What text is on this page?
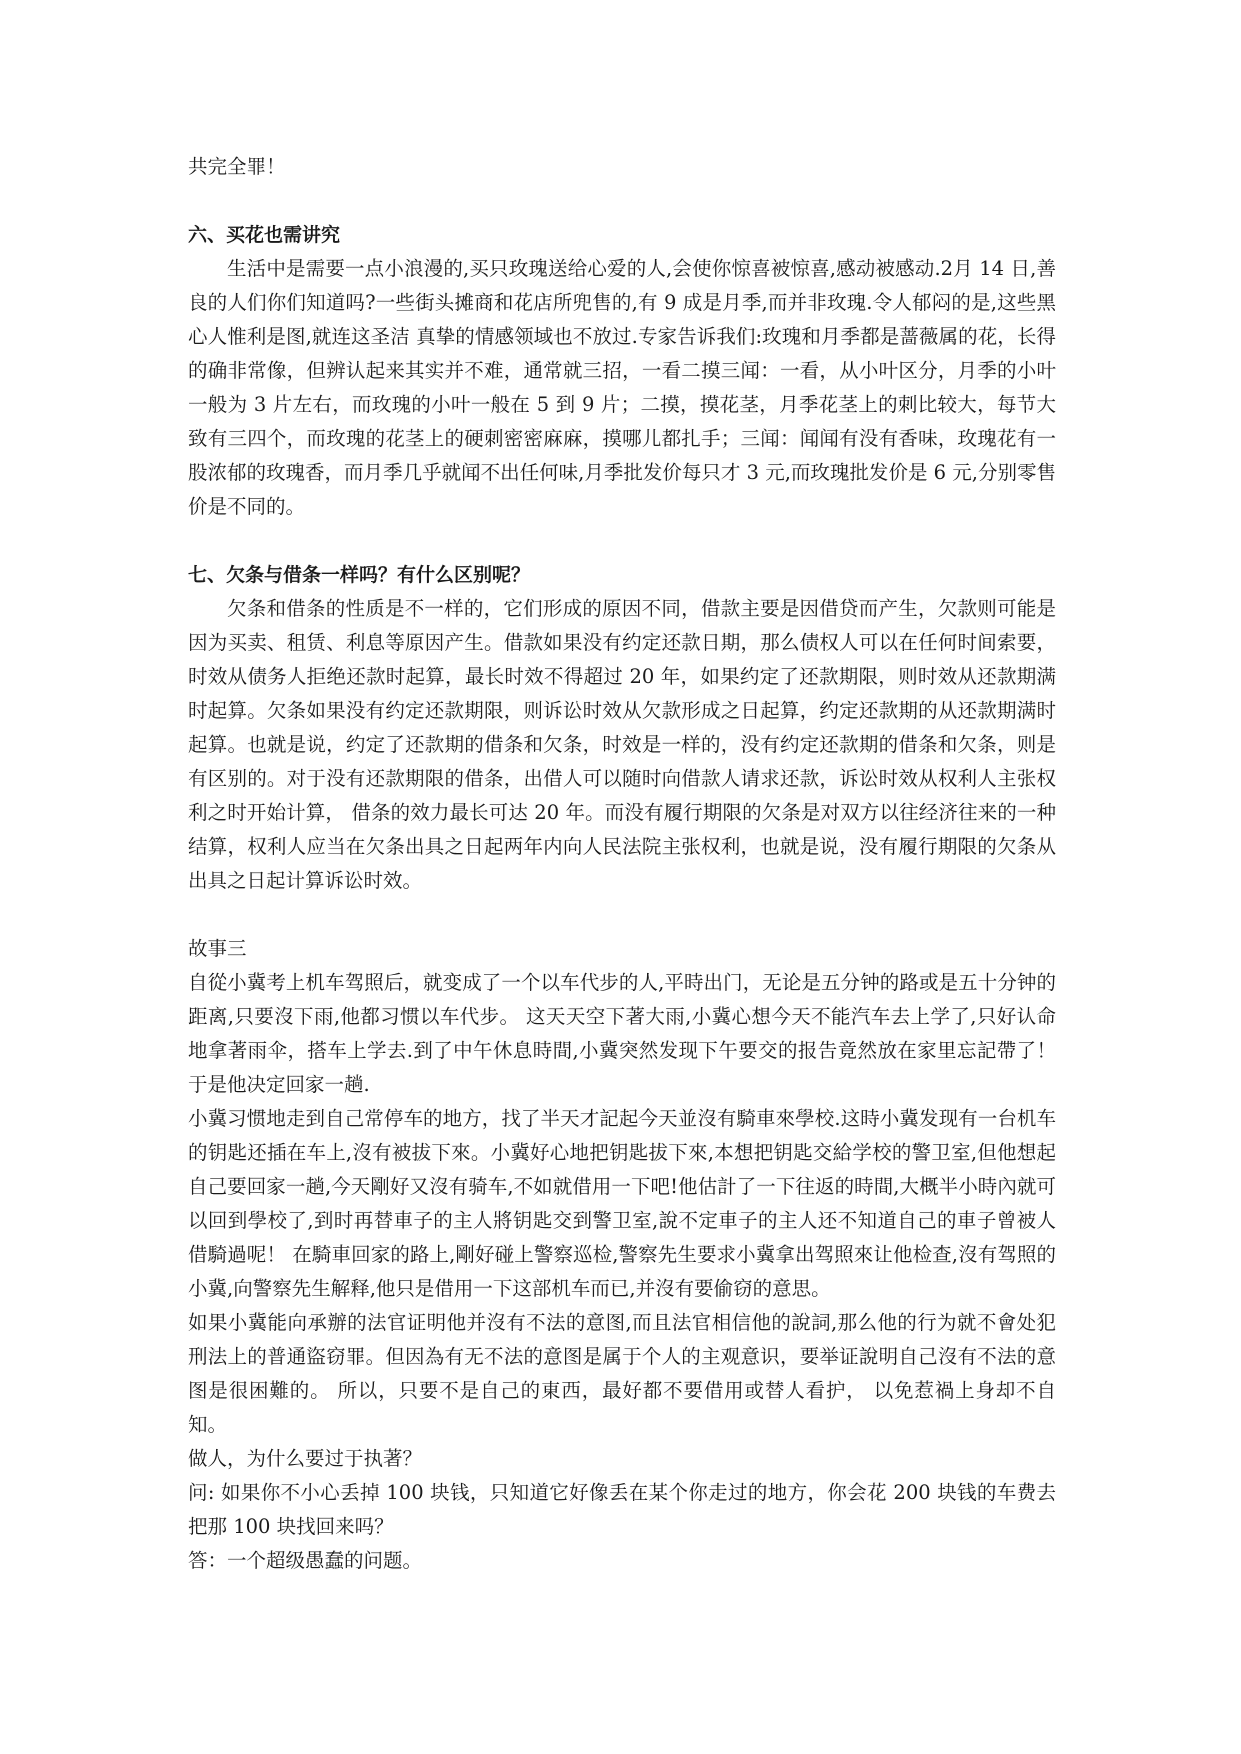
共完全罪！

六、买花也需讲究

生活中是需要一点小浪漫的,买只玫瑰送给心爱的人,会使你惊喜被惊喜,感动被感动.2月 14 日,善良的人们你们知道吗?一些街头摊商和花店所兜售的,有 9 成是月季,而并非玫瑰.令人郁闷的是,这些黑心人惟利是图,就连这圣洁 真挚的情感领域也不放过.专家告诉我们:玫瑰和月季都是蔷薇属的花，长得的确非常像，但辨认起来其实并不难，通常就三招，一看二摸三闻：一看，从小叶区分，月季的小叶一般为 3 片左右，而玫瑰的小叶一般在 5 到 9 片；二摸，摸花茎，月季花茎上的刺比较大，每节大致有三四个，而玫瑰的花茎上的硬刺密密麻麻，摸哪儿都扎手；三闻：闻闻有没有香味，玫瑰花有一股浓郁的玫瑰香，而月季几乎就闻不出任何味,月季批发价每只才 3 元,而玫瑰批发价是 6 元,分别零售价是不同的。

七、欠条与借条一样吗？有什么区别呢？

欠条和借条的性质是不一样的，它们形成的原因不同，借款主要是因借贷而产生，欠款则可能是因为买卖、租赁、利息等原因产生。借款如果没有约定还款日期，那么债权人可以在任何时间索要，时效从债务人拒绝还款时起算，最长时效不得超过 20 年，如果约定了还款期限，则时效从还款期满时起算。欠条如果没有约定还款期限，则诉讼时效从欠款形成之日起算，约定还款期的从还款期满时起算。也就是说，约定了还款期的借条和欠条，时效是一样的，没有约定还款期的借条和欠条，则是有区别的。对于没有还款期限的借条，出借人可以随时向借款人请求还款，诉讼时效从权利人主张权利之时开始计算， 借条的效力最长可达 20 年。而没有履行期限的欠条是对双方以往经济往来的一种结算，权利人应当在欠条出具之日起两年内向人民法院主张权利，也就是说，没有履行期限的欠条从出具之日起计算诉讼时效。

故事三

自從小冀考上机车驾照后，就变成了一个以车代步的人,平時出门，无论是五分钟的路或是五十分钟的距离,只要沒下雨,他都习惯以车代步。 这天天空下著大雨,小冀心想今天不能汽车去上学了,只好认命地拿著雨伞，搭车上学去.到了中午休息時間,小冀突然发现下午要交的报告竟然放在家里忘記帶了！ 于是他决定回家一趟.

小冀习惯地走到自己常停车的地方，找了半天才記起今天並沒有騎車來學校.这時小冀发现有一台机车的钥匙还插在车上,沒有被拔下來。小冀好心地把钥匙拔下來,本想把钥匙交給学校的警卫室,但他想起自己要回家一趟,今天剛好又沒有骑车,不如就借用一下吧!他估計了一下往返的時間,大概半小時內就可以回到學校了,到时再替車子的主人將钥匙交到警卫室,說不定車子的主人还不知道自己的車子曾被人借騎過呢！ 在騎車回家的路上,剛好碰上警察巡检,警察先生要求小冀拿出驾照來让他检查,沒有驾照的小冀,向警察先生解释,他只是借用一下这部机车而已,并沒有要偷窃的意思。

如果小冀能向承辦的法官证明他并沒有不法的意图,而且法官相信他的說詞,那么他的行为就不會处犯刑法上的普通盜窃罪。但因為有无不法的意图是属于个人的主观意识，要举证說明自己沒有不法的意图是很困難的。 所以，只要不是自己的東西，最好都不要借用或替人看护， 以免惹禍上身却不自知。

做人，为什么要过于执著？

问: 如果你不小心丢掉 100 块钱，只知道它好像丢在某个你走过的地方，你会花 200 块钱的车费去把那 100 块找回来吗？

答：一个超级愚蠢的问题。
